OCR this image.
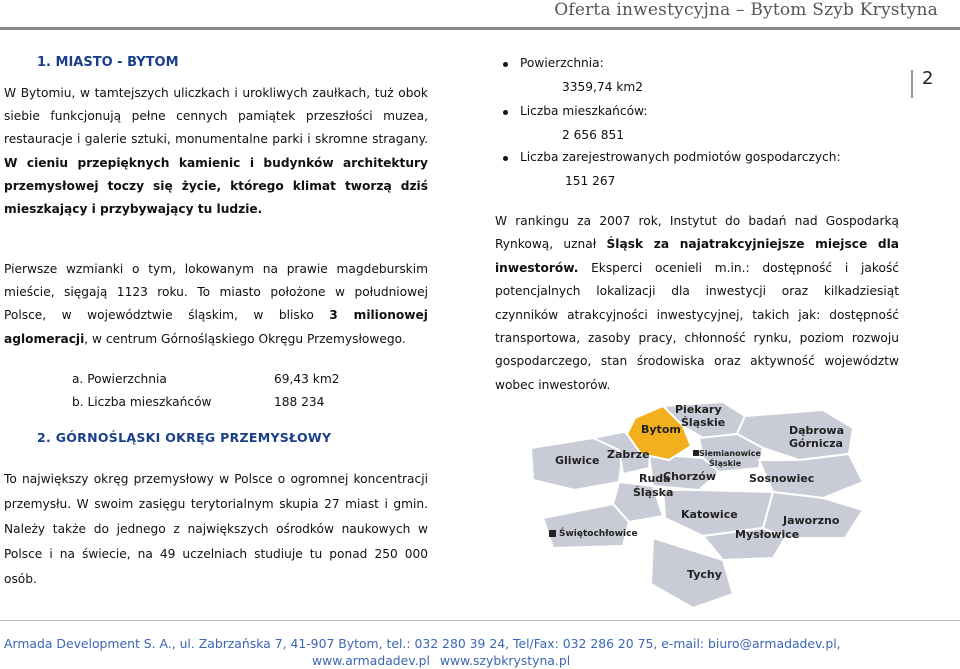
Oferta inwestycyjna – Bytom Szyb Krystyna
2
1. MIASTO - BYTOM

W Bytomiu, w tamtejszych uliczkach i urokliwych zaułkach, tuż obok siebie funkcjonują pełne cennych pamiątek przeszłości muzea, restauracje i galerie sztuki, monumentalne parki i skromne stragany. W cieniu przepięknych kamienic i budynków architektury przemysłowej toczy się życie, którego klimat tworzą dziś mieszkający i przybywający tu ludzie.

Pierwsze wzmianki o tym, lokowanym na prawie magdeburskim mieście, sięgają 1123 roku. To miasto położone w południowej Polsce, w województwie śląskim, w blisko 3 milionowej aglomeracji, w centrum Górnośląskiego Okręgu Przemysłowego.

a. Powierzchnia	69,43 km2
b. Liczba mieszkańców	188 234
2. GÓRNOŚLĄSKI OKRĘG PRZEMYSŁOWY

To największy okręg przemysłowy w Polsce o ogromnej koncentracji przemysłu. W swoim zasięgu terytorialnym skupia 27 miast i gmin. Należy także do jednego z największych ośrodków naukowych w Polsce i na świecie, na 49 uczelniach studiuje tu ponad 250 000 osób.

Powierzchnia:
3359,74 km2
Liczba mieszkańców:
2 656 851
Liczba zarejestrowanych podmiotów gospodarczych:
151 267
W rankingu za 2007 rok, Instytut do badań nad Gospodarką Rynkową, uznał Śląsk za najatrakcyjniejsze miejsce dla inwestorów. Eksperci ocenieli m.in.: dostępność i jakość potencjalnych lokalizacji dla inwestycji oraz kilkadziesiąt czynników atrakcyjności inwestycyjnej, takich jak: dostępność transportowa, zasoby pracy, chłonność rynku, poziom rozwoju gospodarczego, stan środowiska oraz aktywność województw wobec inwestorów.
Piekary
Śląskie
Bytom	Dąbrowa
Górnicza
Gliwice Zabrze	Siemianowice
Śląskie
Chorzów	Sosnowiec
Ruda
Śląska
Katowice	Jaworzno
Świętochłowice	Mysłowice
Tychy
Armada Development S. A., ul. Zabrzańska 7, 41-907 Bytom, tel.: 032 280 39 24, Tel/Fax: 032 286 20 75, e-mail: biuro@armadadev.pl,
www.armadadev.pl www.szybkrystyna.pl
